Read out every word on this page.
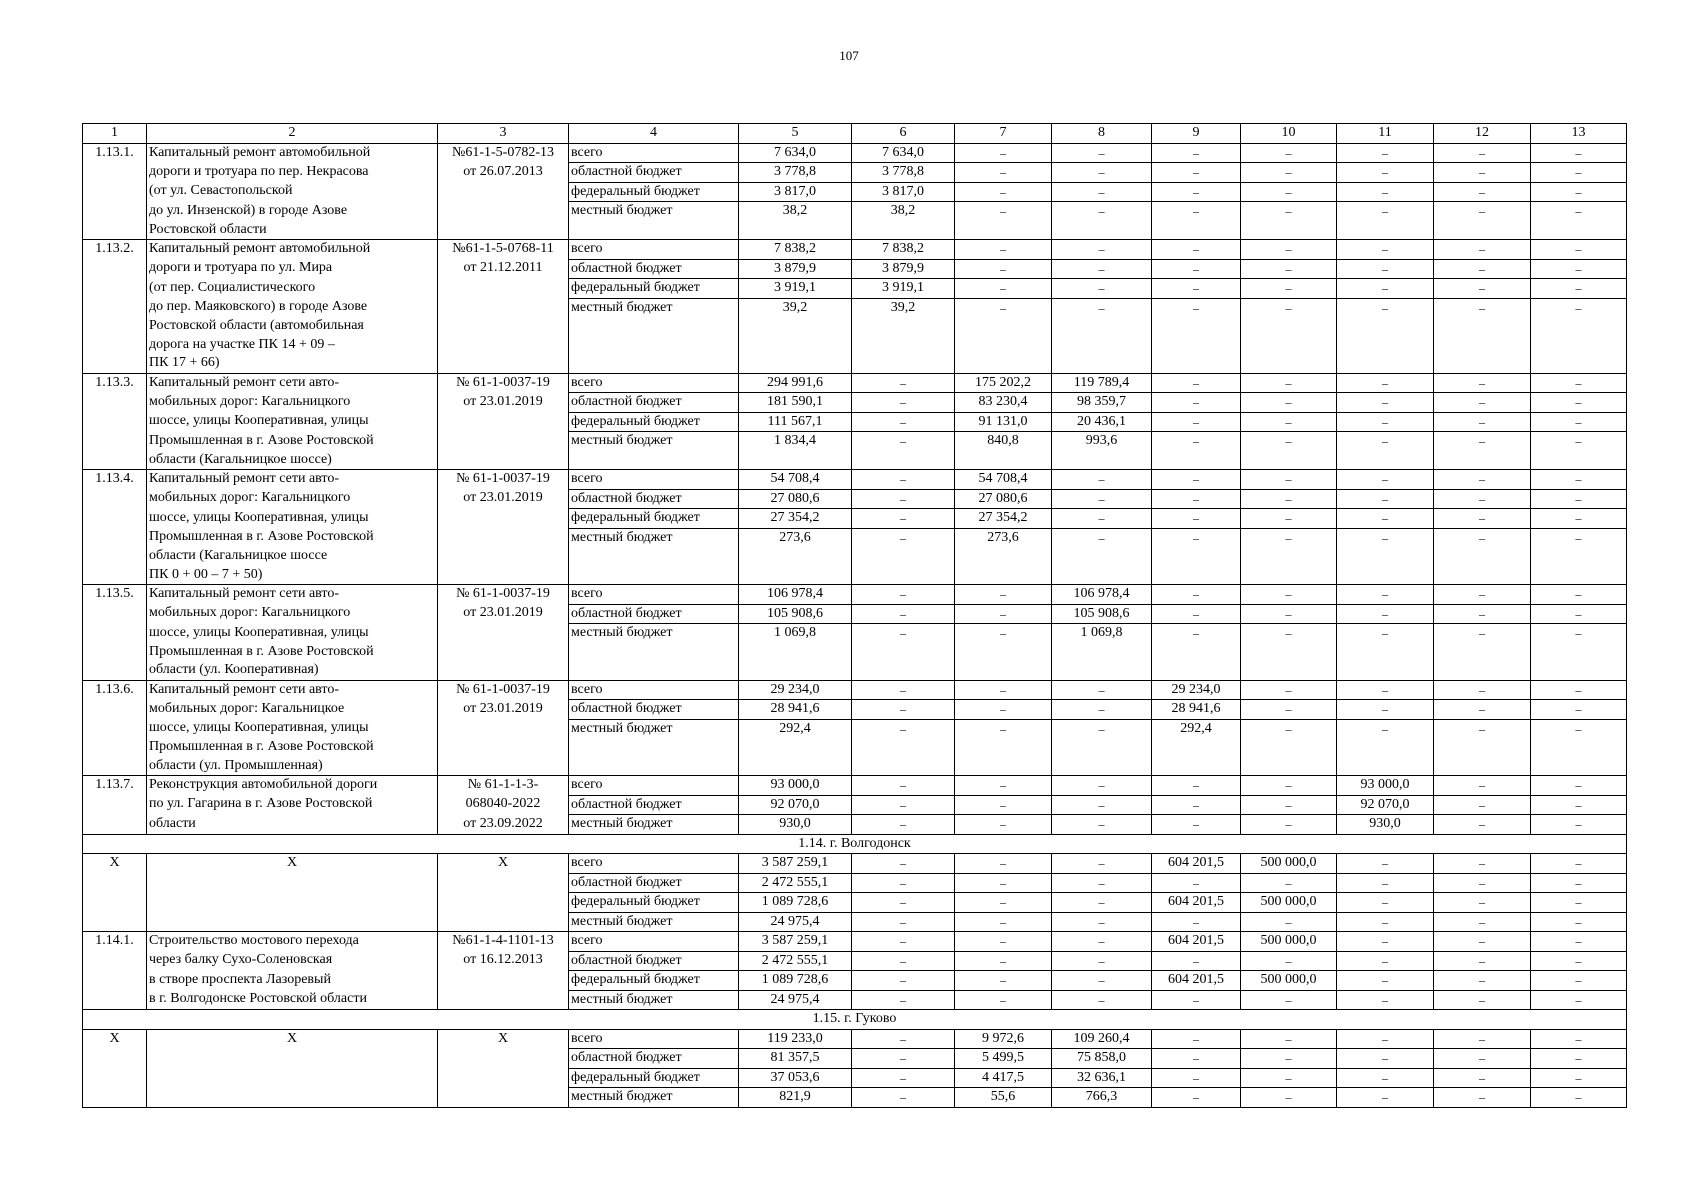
107
1	2	3	4	5	6	7	8	9	10	11	12	13
1.13.1.	Капитальный ремонт автомобильной	№61-1-5-0782-13	всего	7 634,0	7 634,0	–	–	–	–	–	–	–
	дороги и тротуара по пер. Некрасова	от 26.07.2013	областной бюджет	3 778,8	3 778,8	–	–	–	–	–	–	–
	(от ул. Севастопольской		федеральный бюджет	3 817,0	3 817,0	–	–	–	–	–	–	–
	до ул. Инзенской) в городе Азове		местный бюджет	38,2	38,2	–	–	–	–	–	–	–
	Ростовской области											
1.13.2.	Капитальный ремонт автомобильной	№61-1-5-0768-11	всего	7 838,2	7 838,2	–	–	–	–	–	–	–
	дороги и тротуара по ул. Мира	от 21.12.2011	областной бюджет	3 879,9	3 879,9	–	–	–	–	–	–	–
	(от пер. Социалистического		федеральный бюджет	3 919,1	3 919,1	–	–	–	–	–	–	–
	до пер. Маяковского) в городе Азове		местный бюджет	39,2	39,2	–	–	–	–	–	–	–
	Ростовской области (автомобильная											
	дорога на участке ПК 14 + 09 –											
	ПК 17 + 66)											
1.13.3.	Капитальный ремонт сети авто-	№ 61-1-0037-19	всего	294 991,6	–	175 202,2	119 789,4	–	–	–	–	–
	мобильных дорог: Кагальницкого	от 23.01.2019	областной бюджет	181 590,1	–	83 230,4	98 359,7	–	–	–	–	–
	шоссе, улицы Кооперативная, улицы		федеральный бюджет	111 567,1	–	91 131,0	20 436,1	–	–	–	–	–
	Промышленная в г. Азове Ростовской		местный бюджет	1 834,4	–	840,8	993,6	–	–	–	–	–
	области (Кагальницкое шоссе)											
1.13.4.	Капитальный ремонт сети авто-	№ 61-1-0037-19	всего	54 708,4	–	54 708,4	–	–	–	–	–	–
	мобильных дорог: Кагальницкого	от 23.01.2019	областной бюджет	27 080,6	–	27 080,6	–	–	–	–	–	–
	шоссе, улицы Кооперативная, улицы		федеральный бюджет	27 354,2	–	27 354,2	–	–	–	–	–	–
	Промышленная в г. Азове Ростовской		местный бюджет	273,6	–	273,6	–	–	–	–	–	–
	области (Кагальницкое шоссе											
	ПК 0 + 00 – 7 + 50)											
1.13.5.	Капитальный ремонт сети авто-	№ 61-1-0037-19	всего	106 978,4	–	–	106 978,4	–	–	–	–	–
	мобильных дорог: Кагальницкого	от 23.01.2019	областной бюджет	105 908,6	–	–	105 908,6	–	–	–	–	–
	шоссе, улицы Кооперативная, улицы		местный бюджет	1 069,8	–	–	1 069,8	–	–	–	–	–
	Промышленная в г. Азове Ростовской											
	области (ул. Кооперативная)											
1.13.6.	Капитальный ремонт сети авто-	№ 61-1-0037-19	всего	29 234,0	–	–	–	29 234,0	–	–	–	–
	мобильных дорог: Кагальницкое	от 23.01.2019	областной бюджет	28 941,6	–	–	–	28 941,6	–	–	–	–
	шоссе, улицы Кооперативная, улицы		местный бюджет	292,4	–	–	–	292,4	–	–	–	–
	Промышленная в г. Азове Ростовской											
	области (ул. Промышленная)											
1.13.7.	Реконструкция автомобильной дороги	№ 61-1-1-3-	всего	93 000,0	–	–	–	–	–	93 000,0	–	–
	по ул. Гагарина в г. Азове Ростовской	068040-2022	областной бюджет	92 070,0	–	–	–	–	–	92 070,0	–	–
	области	от 23.09.2022	местный бюджет	930,0	–	–	–	–	–	930,0	–	–
1.14. г. Волгодонск												
Х	Х	Х	всего	3 587 259,1	–	–	–	604 201,5	500 000,0	–	–	–
			областной бюджет	2 472 555,1	–	–	–	–	–	–	–	–
			федеральный бюджет	1 089 728,6	–	–	–	604 201,5	500 000,0	–	–	–
			местный бюджет	24 975,4	–	–	–	–	–	–	–	–
1.14.1.	Строительство мостового перехода	№61-1-4-1101-13	всего	3 587 259,1	–	–	–	604 201,5	500 000,0	–	–	–
	через балку Сухо-Соленовская	от 16.12.2013	областной бюджет	2 472 555,1	–	–	–	–	–	–	–	–
	в створе проспекта Лазоревый		федеральный бюджет	1 089 728,6	–	–	–	604 201,5	500 000,0	–	–	–
	в г. Волгодонске Ростовской области		местный бюджет	24 975,4	–	–	–	–	–	–	–	–
1.15. г. Гуково												
Х	Х	Х	всего	119 233,0	–	9 972,6	109 260,4	–	–	–	–	–
			областной бюджет	81 357,5	–	5 499,5	75 858,0	–	–	–	–	–
			федеральный бюджет	37 053,6	–	4 417,5	32 636,1	–	–	–	–	–
			местный бюджет	821,9	–	55,6	766,3	–	–	–	–	–
